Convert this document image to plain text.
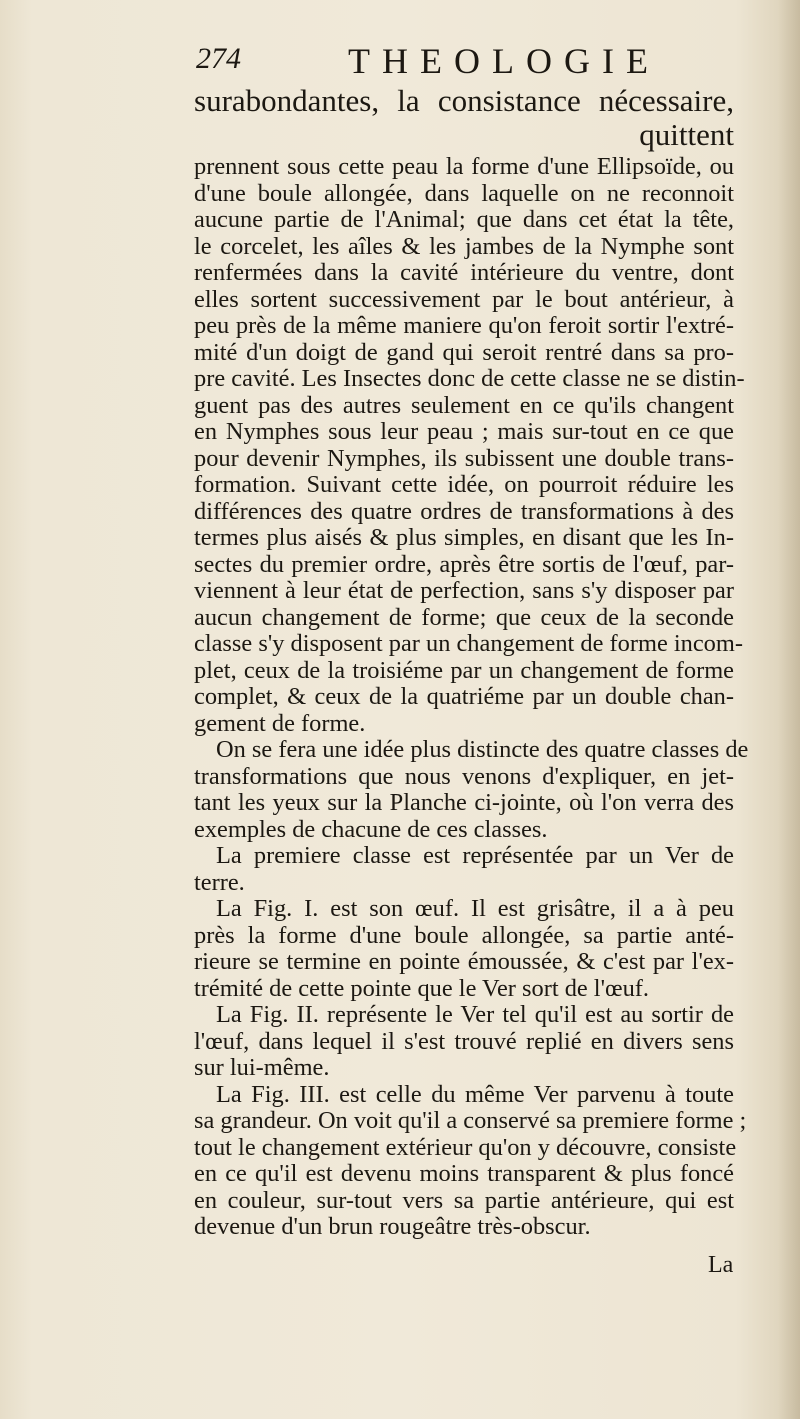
274	THEOLOGIE
surabondantes, la consistance nécessaire,
quittent
prennent sous cette peau la forme d'une Ellipsoïde, ou
d'une boule allongée, dans laquelle on ne reconnoit
aucune partie de l'Animal; que dans cet état la tête,
le corcelet, les aîles & les jambes de la Nymphe sont
renfermées dans la cavité intérieure du ventre, dont
elles sortent successivement par le bout antérieur, à
peu près de la même maniere qu'on feroit sortir l'extré-
mité d'un doigt de gand qui seroit rentré dans sa pro-
pre cavité. Les Insectes donc de cette classe ne se distin-
guent pas des autres seulement en ce qu'ils changent
en Nymphes sous leur peau ; mais sur-tout en ce que
pour devenir Nymphes, ils subissent une double trans-
formation. Suivant cette idée, on pourroit réduire les
différences des quatre ordres de transformations à des
termes plus aisés & plus simples, en disant que les In-
sectes du premier ordre, après être sortis de l'œuf, par-
viennent à leur état de perfection, sans s'y disposer par
aucun changement de forme; que ceux de la seconde
classe s'y disposent par un changement de forme incom-
plet, ceux de la troisiéme par un changement de forme
complet, & ceux de la quatriéme par un double chan-
gement de forme.
On se fera une idée plus distincte des quatre classes de
transformations que nous venons d'expliquer, en jet-
tant les yeux sur la Planche ci-jointe, où l'on verra des
exemples de chacune de ces classes.
La premiere classe est représentée par un Ver de
terre.
La Fig. I. est son œuf. Il est grisâtre, il a à peu
près la forme d'une boule allongée, sa partie anté-
rieure se termine en pointe émoussée, & c'est par l'ex-
trémité de cette pointe que le Ver sort de l'œuf.
La Fig. II. représente le Ver tel qu'il est au sortir de
l'œuf, dans lequel il s'est trouvé replié en divers sens
sur lui-même.
La Fig. III. est celle du même Ver parvenu à toute
sa grandeur. On voit qu'il a conservé sa premiere forme ;
tout le changement extérieur qu'on y découvre, consiste
en ce qu'il est devenu moins transparent & plus foncé
en couleur, sur-tout vers sa partie antérieure, qui est
devenue d'un brun rougeâtre très-obscur.
La
